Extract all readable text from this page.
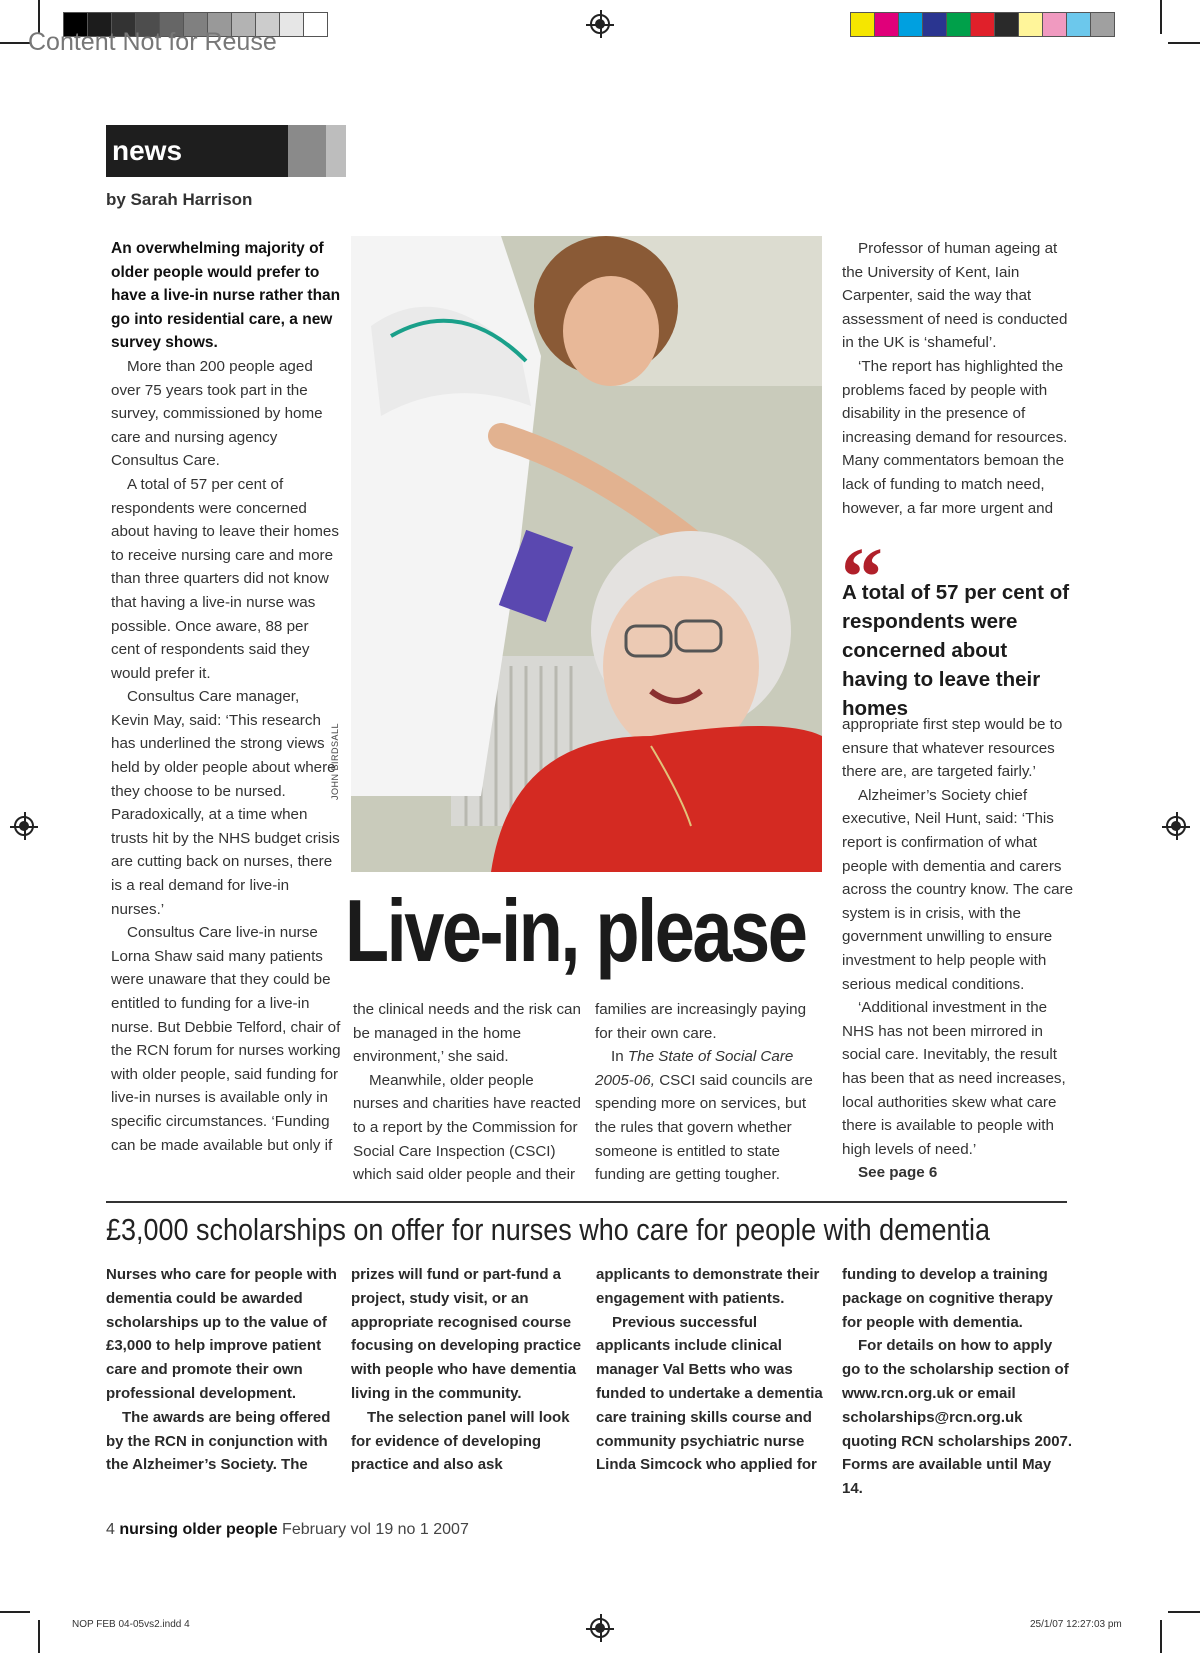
Content Not for Reuse
news
by Sarah Harrison

An overwhelming majority of older people would prefer to have a live-in nurse rather than go into residential care, a new survey shows.

More than 200 people aged over 75 years took part in the survey, commissioned by home care and nursing agency Consultus Care.

A total of 57 per cent of respondents were concerned about having to leave their homes to receive nursing care and more than three quarters did not know that having a live-in nurse was possible. Once aware, 88 per cent of respondents said they would prefer it.

Consultus Care manager, Kevin May, said: ‘This research has underlined the strong views held by older people about where they choose to be nursed. Paradoxically, at a time when trusts hit by the NHS budget crisis are cutting back on nurses, there is a real demand for live-in nurses.’

Consultus Care live-in nurse Lorna Shaw said many patients were unaware that they could be entitled to funding for a live-in nurse. But Debbie Telford, chair of the RCN forum for nurses working with older people, said funding for live-in nurses is available only in specific circumstances. ‘Funding can be made available but only if

JOHN BIRDSALL
Live-in, please

the clinical needs and the risk can be managed in the home environment,’ she said.

Meanwhile, older people nurses and charities have reacted to a report by the Commission for Social Care Inspection (CSCI) which said older people and their

families are increasingly paying for their own care.

In The State of Social Care 2005-06, CSCI said councils are spending more on services, but the rules that govern whether someone is entitled to state funding are getting tougher.

Professor of human ageing at the University of Kent, Iain Carpenter, said the way that assessment of need is conducted in the UK is ‘shameful’.

‘The report has highlighted the problems faced by people with disability in the presence of increasing demand for resources. Many commentators bemoan the lack of funding to match need, however, a far more urgent and

“
A total of 57 per cent of respondents were concerned about having to leave their homes

appropriate first step would be to ensure that whatever resources there are, are targeted fairly.’

Alzheimer’s Society chief executive, Neil Hunt, said: ‘This report is confirmation of what people with dementia and carers across the country know. The care system is in crisis, with the government unwilling to ensure investment to help people with serious medical conditions.

‘Additional investment in the NHS has not been mirrored in social care. Inevitably, the result has been that as need increases, local authorities skew what care there is available to people with high levels of need.’

See page 6

£3,000 scholarships on offer for nurses who care for people with dementia

Nurses who care for people with dementia could be awarded scholarships up to the value of £3,000 to help improve patient care and promote their own professional development.

The awards are being offered by the RCN in conjunction with the Alzheimer’s Society. The

prizes will fund or part-fund a project, study visit, or an appropriate recognised course focusing on developing practice with people who have dementia living in the community.

The selection panel will look for evidence of developing practice and also ask

applicants to demonstrate their engagement with patients.

Previous successful applicants include clinical manager Val Betts who was funded to undertake a dementia care training skills course and community psychiatric nurse Linda Simcock who applied for

funding to develop a training package on cognitive therapy for people with dementia.

For details on how to apply go to the scholarship section of www.rcn.org.uk or email scholarships@rcn.org.uk quoting RCN scholarships 2007. Forms are available until May 14.

4 nursing older people February vol 19 no 1 2007
NOP FEB 04-05vs2.indd 4	25/1/07 12:27:03 pm
